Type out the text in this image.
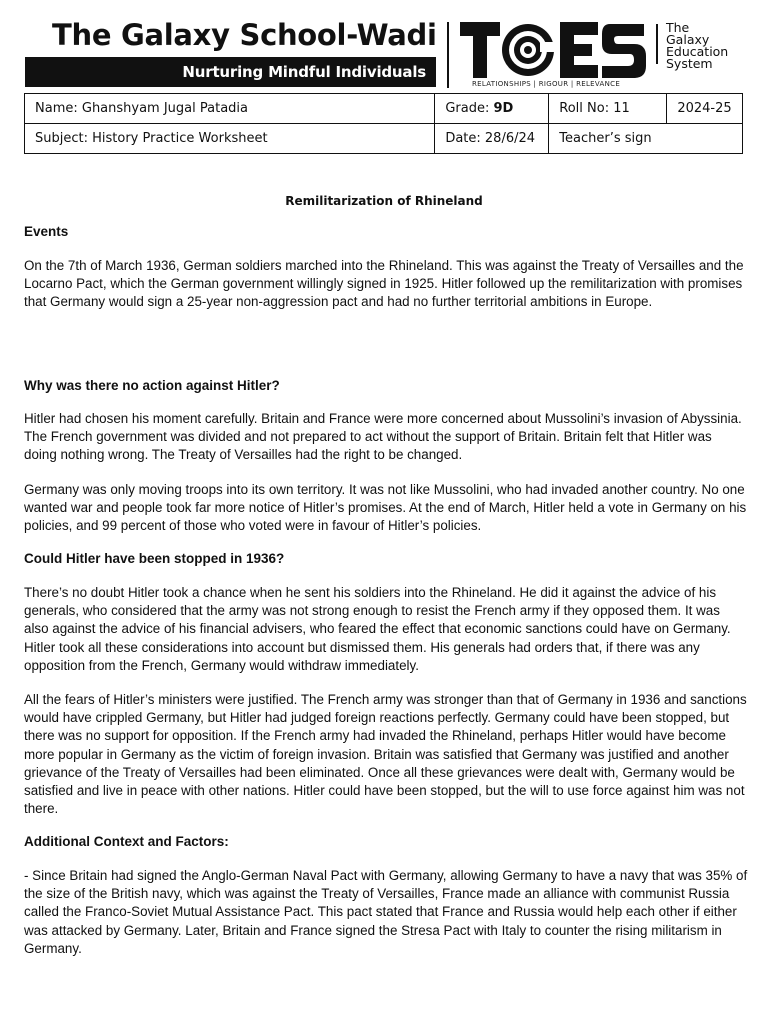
The Galaxy School-Wadi
Nurturing Mindful Individuals
RELATIONSHIPS | RIGOUR | RELEVANCE
The
Galaxy
Education
System
Name: Ghanshyam Jugal Patadia	Grade: 9D	Roll No: 11	2024-25
Subject: History Practice Worksheet	Date: 28/6/24	Teacher’s sign	
Remilitarization of Rhineland
Events
On the 7th of March 1936, German soldiers marched into the Rhineland. This was against the Treaty of Versailles and the Locarno Pact, which the German government willingly signed in 1925. Hitler followed up the remilitarization with promises that Germany would sign a 25-year non-aggression pact and had no further territorial ambitions in Europe.
Why was there no action against Hitler?
Hitler had chosen his moment carefully. Britain and France were more concerned about Mussolini’s invasion of Abyssinia. The French government was divided and not prepared to act without the support of Britain. Britain felt that Hitler was doing nothing wrong. The Treaty of Versailles had the right to be changed.
Germany was only moving troops into its own territory. It was not like Mussolini, who had invaded another country. No one wanted war and people took far more notice of Hitler’s promises. At the end of March, Hitler held a vote in Germany on his policies, and 99 percent of those who voted were in favour of Hitler’s policies.
Could Hitler have been stopped in 1936?
There’s no doubt Hitler took a chance when he sent his soldiers into the Rhineland. He did it against the advice of his generals, who considered that the army was not strong enough to resist the French army if they opposed them. It was also against the advice of his financial advisers, who feared the effect that economic sanctions could have on Germany. Hitler took all these considerations into account but dismissed them. His generals had orders that, if there was any opposition from the French, Germany would withdraw immediately.
All the fears of Hitler’s ministers were justified. The French army was stronger than that of Germany in 1936 and sanctions would have crippled Germany, but Hitler had judged foreign reactions perfectly. Germany could have been stopped, but there was no support for opposition. If the French army had invaded the Rhineland, perhaps Hitler would have become more popular in Germany as the victim of foreign invasion. Britain was satisfied that Germany was justified and another grievance of the Treaty of Versailles had been eliminated. Once all these grievances were dealt with, Germany would be satisfied and live in peace with other nations. Hitler could have been stopped, but the will to use force against him was not there.
Additional Context and Factors:
- Since Britain had signed the Anglo-German Naval Pact with Germany, allowing Germany to have a navy that was 35% of the size of the British navy, which was against the Treaty of Versailles, France made an alliance with communist Russia called the Franco-Soviet Mutual Assistance Pact. This pact stated that France and Russia would help each other if either was attacked by Germany. Later, Britain and France signed the Stresa Pact with Italy to counter the rising militarism in Germany.
